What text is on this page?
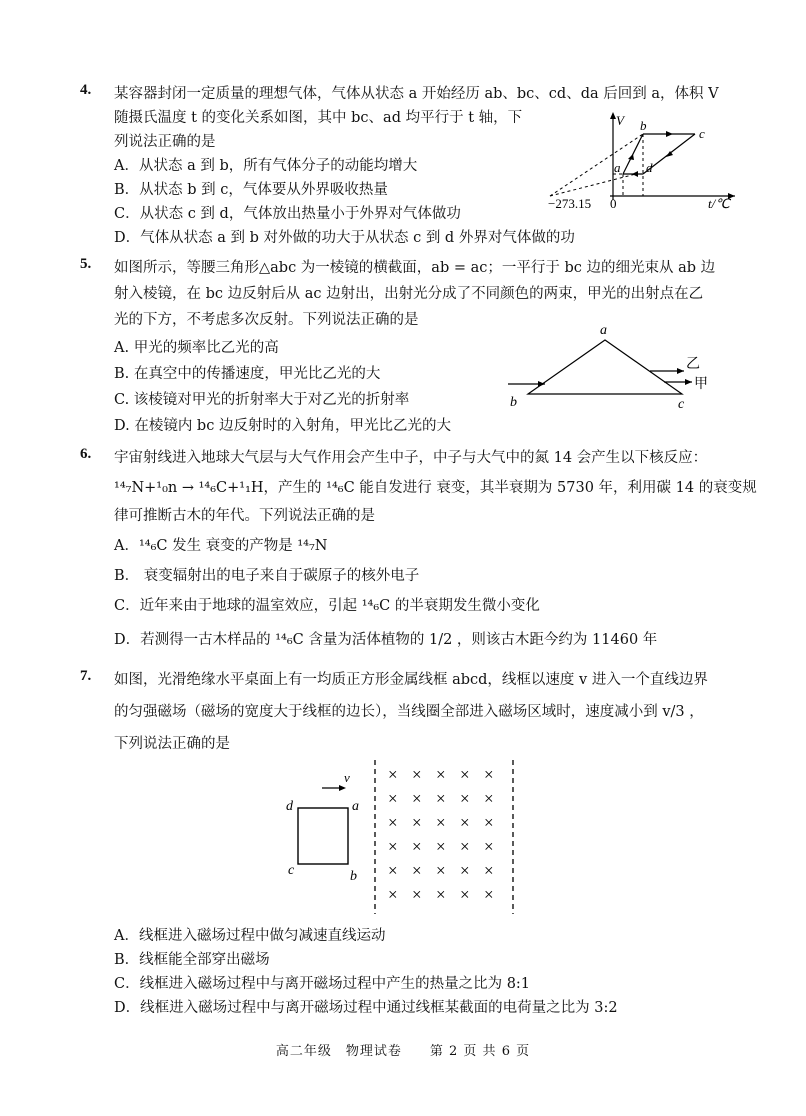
4. 某容器封闭一定质量的理想气体，气体从状态 a 开始经历 ab、bc、cd、da 后回到 a，体积 V
随摄氏温度 t 的变化关系如图，其中 bc、ad 均平行于 t 轴，下
列说法正确的是
A．从状态 a 到 b，所有气体分子的动能均增大
B．从状态 b 到 c，气体要从外界吸收热量
C．从状态 c 到 d，气体放出热量小于外界对气体做功
D．气体从状态 a 到 b 对外做的功大于从状态 c 到 d 外界对气体做的功
V b
c
a d
−273.15 0	t/℃
5. 如图所示，等腰三角形△abc 为一棱镜的横截面，ab = ac；一平行于 bc 边的细光束从 ab 边
射入棱镜，在 bc 边反射后从 ac 边射出，出射光分成了不同颜色的两束，甲光的出射点在乙
光的下方，不考虑多次反射。下列说法正确的是
A. 甲光的频率比乙光的高
B. 在真空中的传播速度，甲光比乙光的大
C. 该棱镜对甲光的折射率大于对乙光的折射率
D. 在棱镜内 bc 边反射时的入射角，甲光比乙光的大
a
b	c
乙
甲
6. 宇宙射线进入地球大气层与大气作用会产生中子，中子与大气中的氮 14 会产生以下核反应：
¹⁴₇N+¹₀n → ¹⁴₆C+¹₁H，产生的 ¹⁴₆C 能自发进行 衰变，其半衰期为 5730 年，利用碳 14 的衰变规
律可推断古木的年代。下列说法正确的是
A．¹⁴₆C 发生 衰变的产物是 ¹⁴₇N
B． 衰变辐射出的电子来自于碳原子的核外电子
C．近年来由于地球的温室效应，引起 ¹⁴₆C 的半衰期发生微小变化
D．若测得一古木样品的 ¹⁴₆C 含量为活体植物的 1/2 ，则该古木距今约为 11460 年
7. 如图，光滑绝缘水平桌面上有一均质正方形金属线框 abcd，线框以速度 v 进入一个直线边界
的匀强磁场（磁场的宽度大于线框的边长），当线圈全部进入磁场区域时，速度减小到 v/3 ，
下列说法正确的是
A．线框进入磁场过程中做匀减速直线运动
B．线框能全部穿出磁场
C．线框进入磁场过程中与离开磁场过程中产生的热量之比为 8:1
D．线框进入磁场过程中与离开磁场过程中通过线框某截面的电荷量之比为 3:2
v
d	a
c	b
× × × × ×
× × × × ×
× × × × ×
× × × × ×
× × × × ×
× × × × ×
高二年级　物理试卷　　第 2 页 共 6 页
